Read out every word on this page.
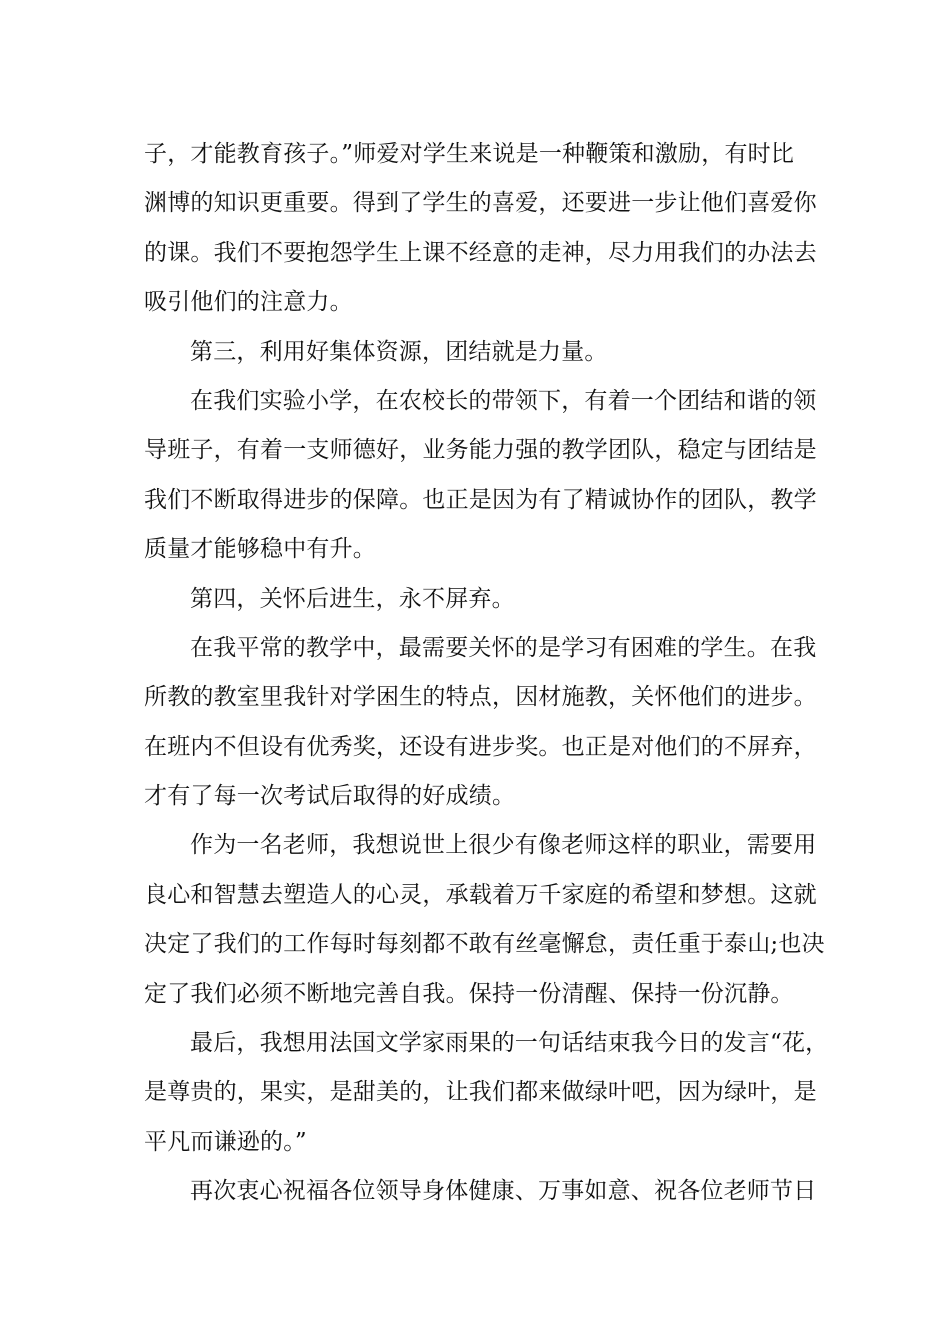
子，才能教育孩子。”师爱对学生来说是一种鞭策和激励，有时比
渊博的知识更重要。得到了学生的喜爱，还要进一步让他们喜爱你
的课。我们不要抱怨学生上课不经意的走神，尽力用我们的办法去
吸引他们的注意力。
第三，利用好集体资源，团结就是力量。
在我们实验小学，在农校长的带领下，有着一个团结和谐的领
导班子，有着一支师德好，业务能力强的教学团队，稳定与团结是
我们不断取得进步的保障。也正是因为有了精诚协作的团队，教学
质量才能够稳中有升。
第四，关怀后进生，永不屏弃。
在我平常的教学中，最需要关怀的是学习有困难的学生。在我
所教的教室里我针对学困生的特点，因材施教，关怀他们的进步。
在班内不但设有优秀奖，还设有进步奖。也正是对他们的不屏弃，
才有了每一次考试后取得的好成绩。
作为一名老师，我想说世上很少有像老师这样的职业，需要用
良心和智慧去塑造人的心灵，承载着万千家庭的希望和梦想。这就
决定了我们的工作每时每刻都不敢有丝毫懈怠，责任重于泰山;也决
定了我们必须不断地完善自我。保持一份清醒、保持一份沉静。
最后，我想用法国文学家雨果的一句话结束我今日的发言“花，
是尊贵的，果实，是甜美的，让我们都来做绿叶吧，因为绿叶，是
平凡而谦逊的。”
再次衷心祝福各位领导身体健康、万事如意、祝各位老师节日
